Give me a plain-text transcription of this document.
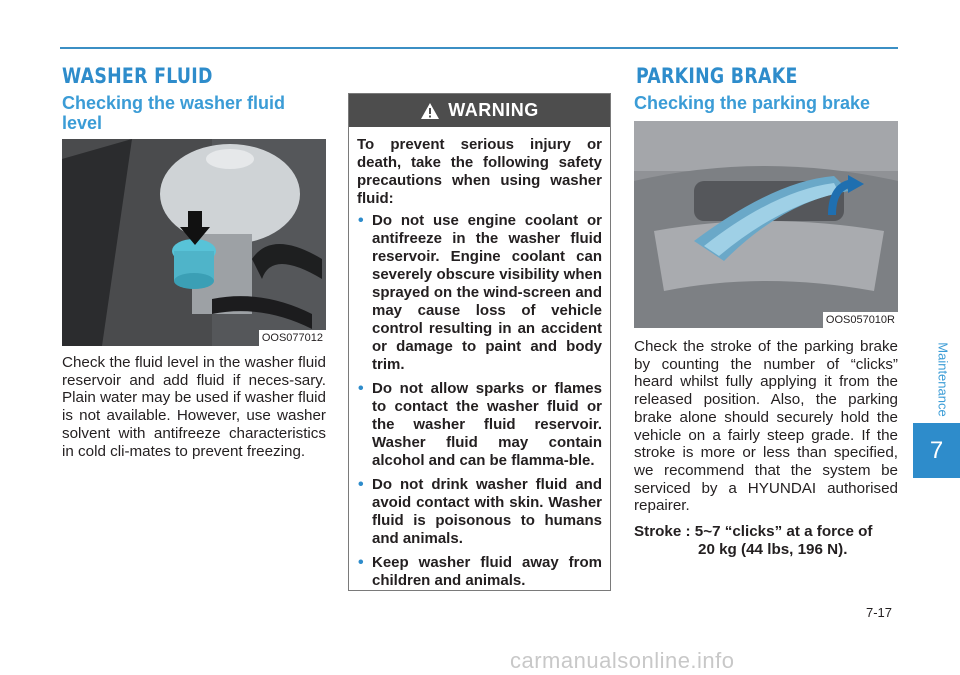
WASHER FLUID
Checking the washer fluid
level
OOS077012
Check the fluid level in the washer fluid reservoir and add fluid if neces-sary. Plain water may be used if washer fluid is not available. However, use washer solvent with antifreeze characteristics in cold cli-mates to prevent freezing.
WARNING
To prevent serious injury or death, take the following safety precautions when using washer fluid:
• Do not use engine coolant or antifreeze in the washer fluid reservoir. Engine coolant can severely obscure visibility when sprayed on the wind-screen and may cause loss of vehicle control resulting in an accident or damage to paint and body trim.
• Do not allow sparks or flames to contact the washer fluid or the washer fluid reservoir. Washer fluid may contain alcohol and can be flamma-ble.
• Do not drink washer fluid and avoid contact with skin. Washer fluid is poisonous to humans and animals.
• Keep washer fluid away from children and animals.
PARKING BRAKE
Checking the parking brake
OOS057010R
Check the stroke of the parking brake by counting the number of “clicks” heard whilst fully applying it from the released position. Also, the parking brake alone should securely hold the vehicle on a fairly steep grade. If the stroke is more or less than specified, we recommend that the system be serviced by a HYUNDAI authorised repairer.
Stroke : 5~7 “clicks” at a force of
20 kg (44 lbs, 196 N).
Maintenance
7
7-17
carmanualsonline.info
